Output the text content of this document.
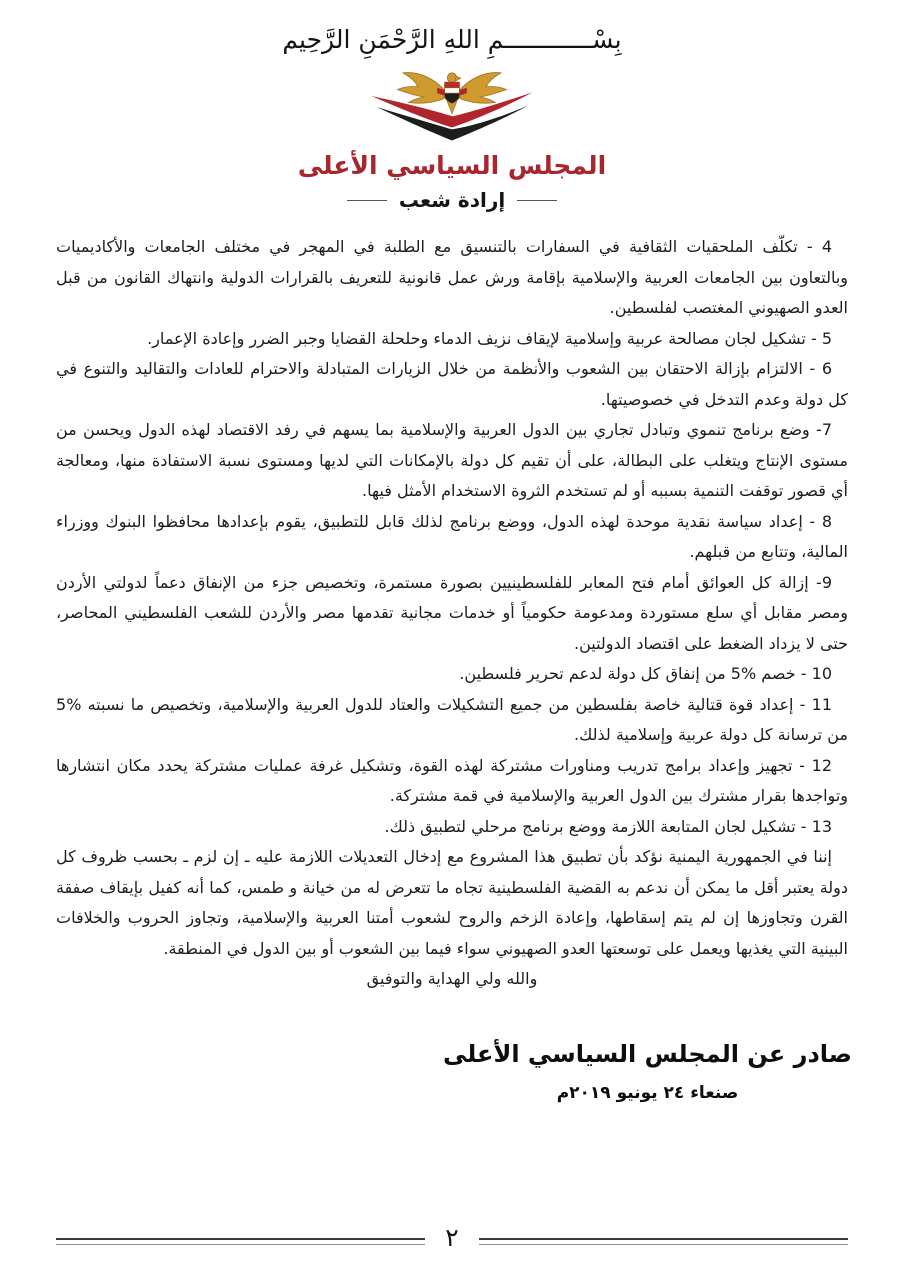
بِسْــــــــــــمِ اللهِ الرَّحْمَنِ الرَّحِيم
المجلس السياسي الأعلى
إرادة شعب

4 - تكلّف الملحقيات الثقافية في السفارات بالتنسيق مع الطلبة في المهجر في مختلف الجامعات والأكاديميات وبالتعاون بين الجامعات العربية والإسلامية بإقامة ورش عمل قانونية للتعريف بالقرارات الدولية وانتهاك القانون من قبل العدو الصهيوني المغتصب لفلسطين.

5 - تشكيل لجان مصالحة عربية وإسلامية لإيقاف نزيف الدماء وحلحلة القضايا وجبر الضرر وإعادة الإعمار.

6 - الالتزام بإزالة الاحتقان بين الشعوب والأنظمة من خلال الزيارات المتبادلة والاحترام للعادات والتقاليد والتنوع في كل دولة وعدم التدخل في خصوصيتها.

7- وضع برنامج تنموي وتبادل تجاري بين الدول العربية والإسلامية بما يسهم في رفد الاقتصاد لهذه الدول ويحسن من مستوى الإنتاج ويتغلب على البطالة، على أن تقيم كل دولة بالإمكانات التي لديها ومستوى نسبة الاستفادة منها، ومعالجة أي قصور توقفت التنمية بسببه أو لم تستخدم الثروة الاستخدام الأمثل فيها.

8 - إعداد سياسة نقدية موحدة لهذه الدول، ووضع برنامج لذلك قابل للتطبيق، يقوم بإعدادها محافظوا البنوك ووزراء المالية، وتتابع من قبلهم.

9- إزالة كل العوائق أمام فتح المعابر للفلسطينيين بصورة مستمرة، وتخصيص جزء من الإنفاق دعماً لدولتي الأردن ومصر مقابل أي سلع مستوردة ومدعومة حكومياً أو خدمات مجانية تقدمها مصر والأردن للشعب الفلسطيني المحاصر، حتى لا يزداد الضغط على اقتصاد الدولتين.

10 - خصم %5 من إنفاق كل دولة لدعم تحرير فلسطين.

11 - إعداد قوة قتالية خاصة بفلسطين من جميع التشكيلات والعتاد للدول العربية والإسلامية، وتخصيص ما نسبته %5 من ترسانة كل دولة عربية وإسلامية لذلك.

12 - تجهيز وإعداد برامج تدريب ومناورات مشتركة لهذه القوة، وتشكيل غرفة عمليات مشتركة يحدد مكان انتشارها وتواجدها بقرار مشترك بين الدول العربية والإسلامية في قمة مشتركة.

13 - تشكيل لجان المتابعة اللازمة ووضع برنامج مرحلي لتطبيق ذلك.

إننا في الجمهورية اليمنية نؤكد بأن تطبيق هذا المشروع مع إدخال التعديلات اللازمة عليه ـ إن لزم ـ بحسب ظروف كل دولة يعتبر أقل ما يمكن أن ندعم به القضية الفلسطينية تجاه ما تتعرض له من خيانة و طمس، كما أنه كفيل بإيقاف صفقة القرن وتجاوزها إن لم يتم إسقاطها، وإعادة الزخم والروح لشعوب أمتنا العربية والإسلامية، وتجاوز الحروب والخلافات البينية التي يغذيها ويعمل على توسعتها العدو الصهيوني سواء فيما بين الشعوب أو بين الدول في المنطقة.

والله ولي الهداية والتوفيق

صادر عن المجلس السياسي الأعلى
صنعاء ٢٤ يونيو ٢٠١٩م
٢
